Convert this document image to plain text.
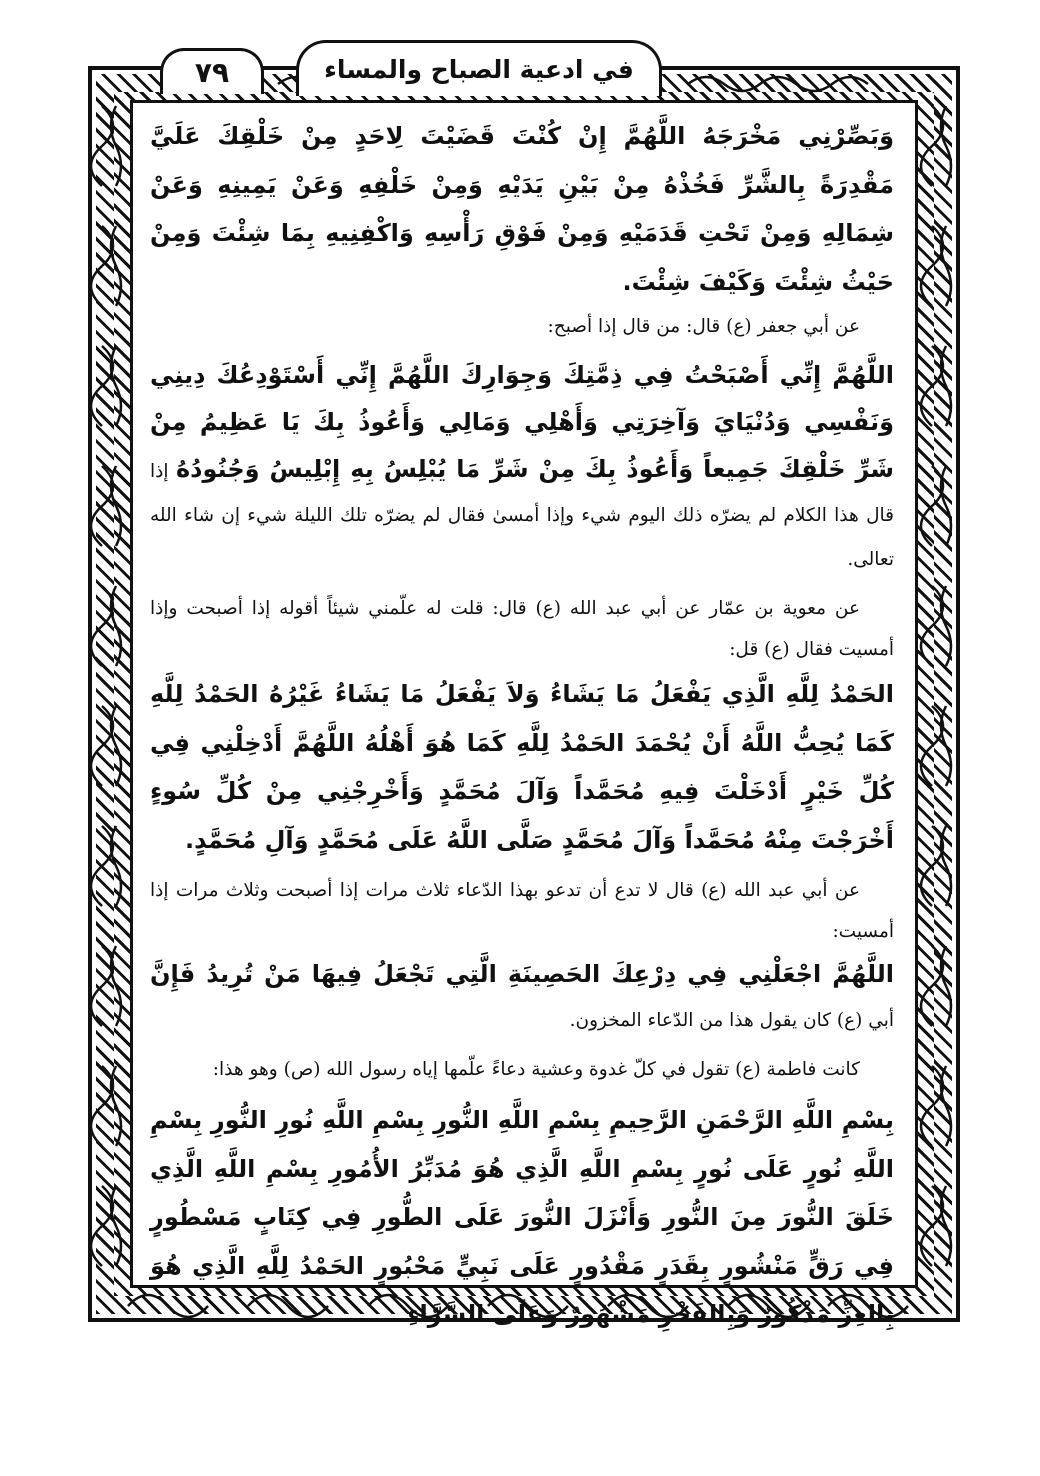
في ادعية الصباح والمساء
٧٩

وَبَصِّرْنِي مَخْرَجَهُ اللَّهُمَّ إِنْ كُنْتَ قَضَيْتَ لِاحَدٍ مِنْ خَلْقِكَ عَلَيَّ مَقْدِرَةً بِالشَّرِّ فَخُذْهُ مِنْ بَيْنِ يَدَيْهِ وَمِنْ خَلْفِهِ وَعَنْ يَمِينِهِ وَعَنْ شِمَالِهِ وَمِنْ تَحْتِ قَدَمَيْهِ وَمِنْ فَوْقِ رَأْسِهِ وَاكْفِنِيهِ بِمَا شِئْتَ وَمِنْ حَيْثُ شِئْتَ وَكَيْفَ شِئْتَ.

عن أبي جعفر (ع) قال: من قال إذا أصبح:

اللَّهُمَّ إِنِّي أَصْبَحْتُ فِي ذِمَّتِكَ وَجِوَارِكَ اللَّهُمَّ إِنِّي أَسْتَوْدِعُكَ دِينِي وَنَفْسِي وَدُنْيَايَ وَآخِرَتِي وَأَهْلِي وَمَالِي وَأَعُوذُ بِكَ يَا عَظِيمُ مِنْ شَرِّ خَلْقِكَ جَمِيعاً وَأَعُوذُ بِكَ مِنْ شَرِّ مَا يُبْلِسُ بِهِ إِبْلِيسُ وَجُنُودُهُ إذا قال هذا الكلام لم يضرّه ذلك اليوم شيء وإذا أمسىٰ فقال لم يضرّه تلك الليلة شيء إن شاء الله تعالى.

عن معوية بن عمّار عن أبي عبد الله (ع) قال: قلت له علّمني شيئاً أقوله إذا أصبحت وإذا أمسيت فقال (ع) قل:

الحَمْدُ لِلَّهِ الَّذِي يَفْعَلُ مَا يَشَاءُ وَلاَ يَفْعَلُ مَا يَشَاءُ غَيْرُهُ الحَمْدُ لِلَّهِ كَمَا يُحِبُّ اللَّهُ أَنْ يُحْمَدَ الحَمْدُ لِلَّهِ كَمَا هُوَ أَهْلُهُ اللَّهُمَّ أَدْخِلْنِي فِي كُلِّ خَيْرٍ أَدْخَلْتَ فِيهِ مُحَمَّداً وَآلَ مُحَمَّدٍ وَأَخْرِجْنِي مِنْ كُلِّ سُوءٍ أَخْرَجْتَ مِنْهُ مُحَمَّداً وَآلَ مُحَمَّدٍ صَلَّى اللَّهُ عَلَى مُحَمَّدٍ وَآلِ مُحَمَّدٍ.

عن أبي عبد الله (ع) قال لا تدع أن تدعو بهذا الدّعاء ثلاث مرات إذا أصبحت وثلاث مرات إذا أمسيت:

اللَّهُمَّ اجْعَلْنِي فِي دِرْعِكَ الحَصِينَةِ الَّتِي تَجْعَلُ فِيهَا مَنْ تُرِيدُ فَإِنَّ أبي (ع) كان يقول هذا من الدّعاء المخزون.

كانت فاطمة (ع) تقول في كلّ غدوة وعشية دعاءً علّمها إياه رسول الله (ص) وهو هذا:

بِسْمِ اللَّهِ الرَّحْمَنِ الرَّحِيمِ بِسْمِ اللَّهِ النُّورِ بِسْمِ اللَّهِ نُورِ النُّورِ بِسْمِ اللَّهِ نُورٍ عَلَى نُورٍ بِسْمِ اللَّهِ الَّذِي هُوَ مُدَبِّرُ الأُمُورِ بِسْمِ اللَّهِ الَّذِي خَلَقَ النُّورَ مِنَ النُّورِ وَأَنْزَلَ النُّورَ عَلَى الطُّورِ فِي كِتَابٍ مَسْطُورٍ فِي رَقٍّ مَنْشُورٍ بِقَدَرٍ مَقْدُورٍ عَلَى نَبِيٍّ مَحْبُورٍ الحَمْدُ لِلَّهِ الَّذِي هُوَ بِالعِزِّ مَذْكُورٌ وَبِالفَخْرِ مَشْهُورٌ وَعَلَى السَّرَّاءِ
